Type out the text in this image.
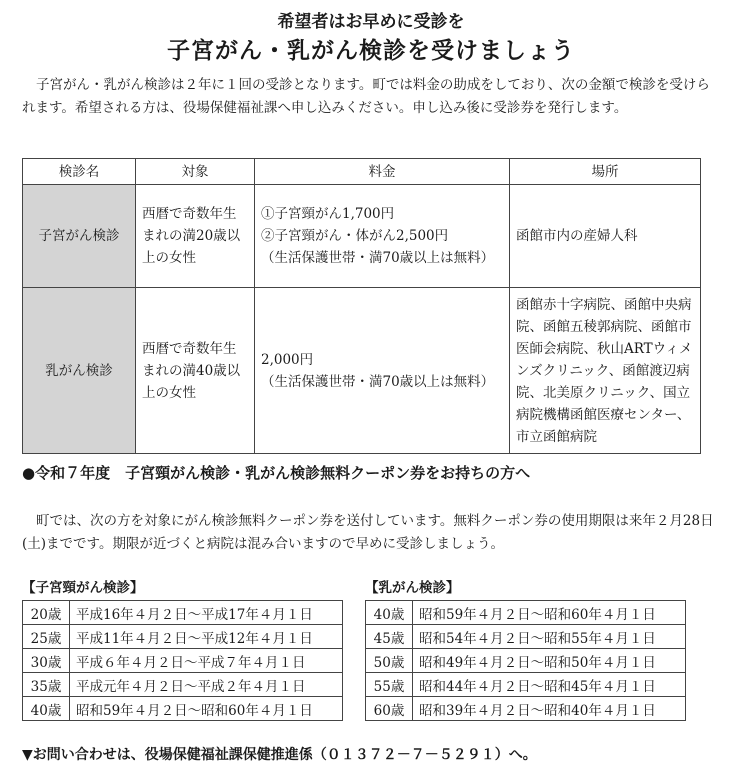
希望者はお早めに受診を
子宮がん・乳がん検診を受けましょう
子宮がん・乳がん検診は２年に１回の受診となります。町では料金の助成をしており、次の金額で検診を受けられます。希望される方は、役場保健福祉課へ申し込みください。申し込み後に受診券を発行します。
検診名	対象	料金	場所
子宮がん検診	西暦で奇数年生まれの満20歳以上の女性	①子宮頸がん1,700円
②子宮頸がん・体がん2,500円
（生活保護世帯・満70歳以上は無料）	函館市内の産婦人科
乳がん検診	西暦で奇数年生まれの満40歳以上の女性	2,000円
（生活保護世帯・満70歳以上は無料）	函館赤十字病院、函館中央病院、函館五稜郭病院、函館市医師会病院、秋山ARTウィメンズクリニック、函館渡辺病院、北美原クリニック、国立病院機構函館医療センター、市立函館病院
●令和７年度　子宮頸がん検診・乳がん検診無料クーポン券をお持ちの方へ
町では、次の方を対象にがん検診無料クーポン券を送付しています。無料クーポン券の使用期限は来年２月28日(土)までです。期限が近づくと病院は混み合いますので早めに受診しましょう。
【子宮頸がん検診】
20歳	平成16年４月２日～平成17年４月１日
25歳	平成11年４月２日～平成12年４月１日
30歳	平成６年４月２日～平成７年４月１日
35歳	平成元年４月２日～平成２年４月１日
40歳	昭和59年４月２日～昭和60年４月１日
【乳がん検診】
40歳	昭和59年４月２日～昭和60年４月１日
45歳	昭和54年４月２日～昭和55年４月１日
50歳	昭和49年４月２日～昭和50年４月１日
55歳	昭和44年４月２日～昭和45年４月１日
60歳	昭和39年４月２日～昭和40年４月１日
▼お問い合わせは、役場保健福祉課保健推進係（０１３７２－７－５２９１）へ。
